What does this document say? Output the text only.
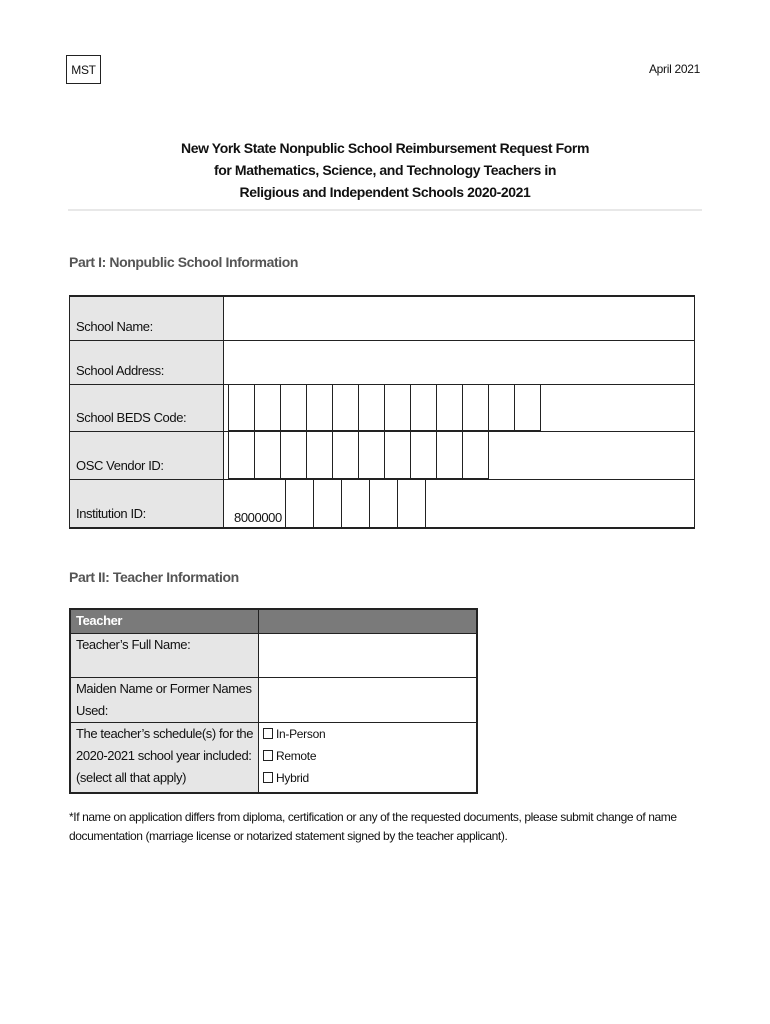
MST	April 2021
New York State Nonpublic School Reimbursement Request Form
for Mathematics, Science, and Technology Teachers in
Religious and Independent Schools 2020-2021
Part I: Nonpublic School Information
School Name:
School Address:
School BEDS Code:
OSC Vendor ID:
Institution ID:	8000000
Part II: Teacher Information
Teacher
Teacher’s Full Name:
Maiden Name or Former Names Used:
The teacher’s schedule(s) for the 2020-2021 school year included: (select all that apply)
In-Person
Remote
Hybrid
*If name on application differs from diploma, certification or any of the requested documents, please submit change of name documentation (marriage license or notarized statement signed by the teacher applicant).
